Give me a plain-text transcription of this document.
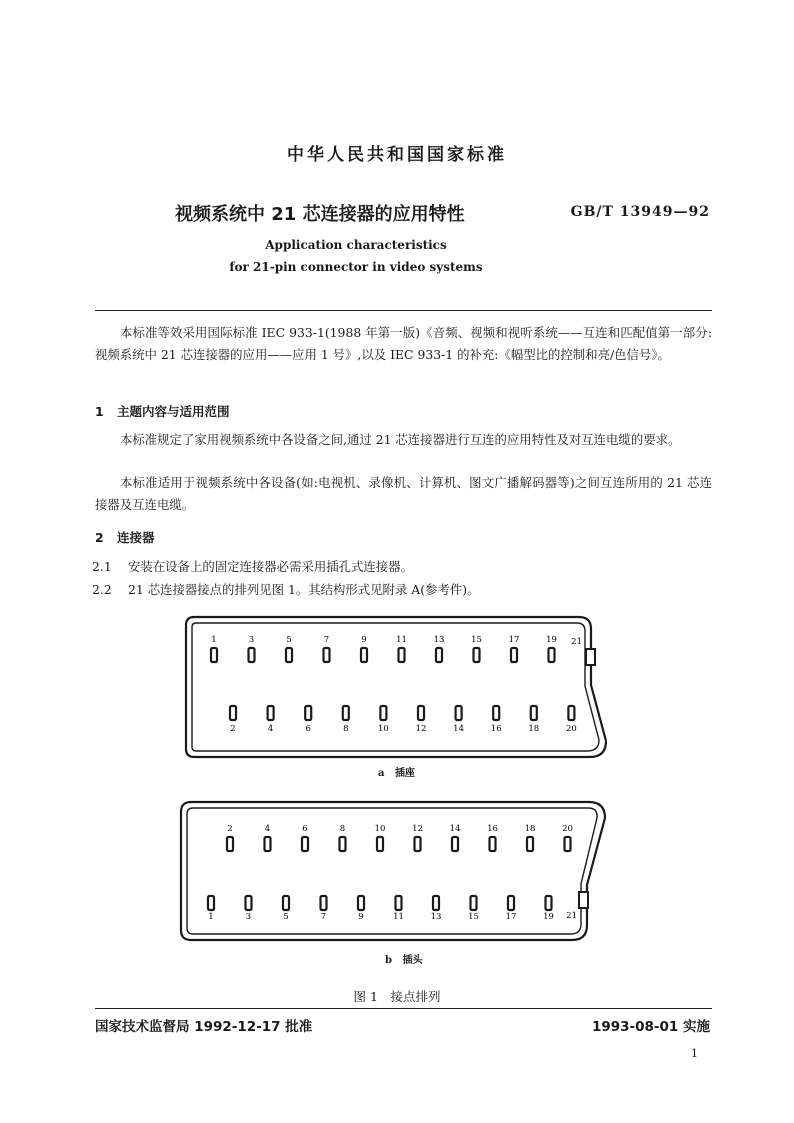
中华人民共和国国家标准
视频系统中 21 芯连接器的应用特性	GB/T 13949—92
Application characteristics
for 21-pin connector in video systems
本标准等效采用国际标准 IEC 933-1(1988 年第一版)《音频、视频和视听系统——互连和匹配值第一部分:视频系统中 21 芯连接器的应用——应用 1 号》,以及 IEC 933-1 的补充:《幅型比的控制和亮/色信号》。
1 主题内容与适用范围
本标准规定了家用视频系统中各设备之间,通过 21 芯连接器进行互连的应用特性及对互连电缆的要求。
本标准适用于视频系统中各设备(如:电视机、录像机、计算机、图文广播解码器等)之间互连所用的 21 芯连接器及互连电缆。
2 连接器
2.1 安装在设备上的固定连接器必需采用插孔式连接器。
2.2 21 芯连接器接点的排列见图 1。其结构形式见附录 A(参考件)。
1	3	5	7	9	11	13	15	17	19
2	4	6	8	10	12	14	16	18	20
21
a 插座
2	4	6	8	10	12	14	16	18	20
1	3	5	7	9	11	13	15	17	19 21
b 插头
图 1　接点排列
国家技术监督局 1992-12-17 批准	1993-08-01 实施
1
